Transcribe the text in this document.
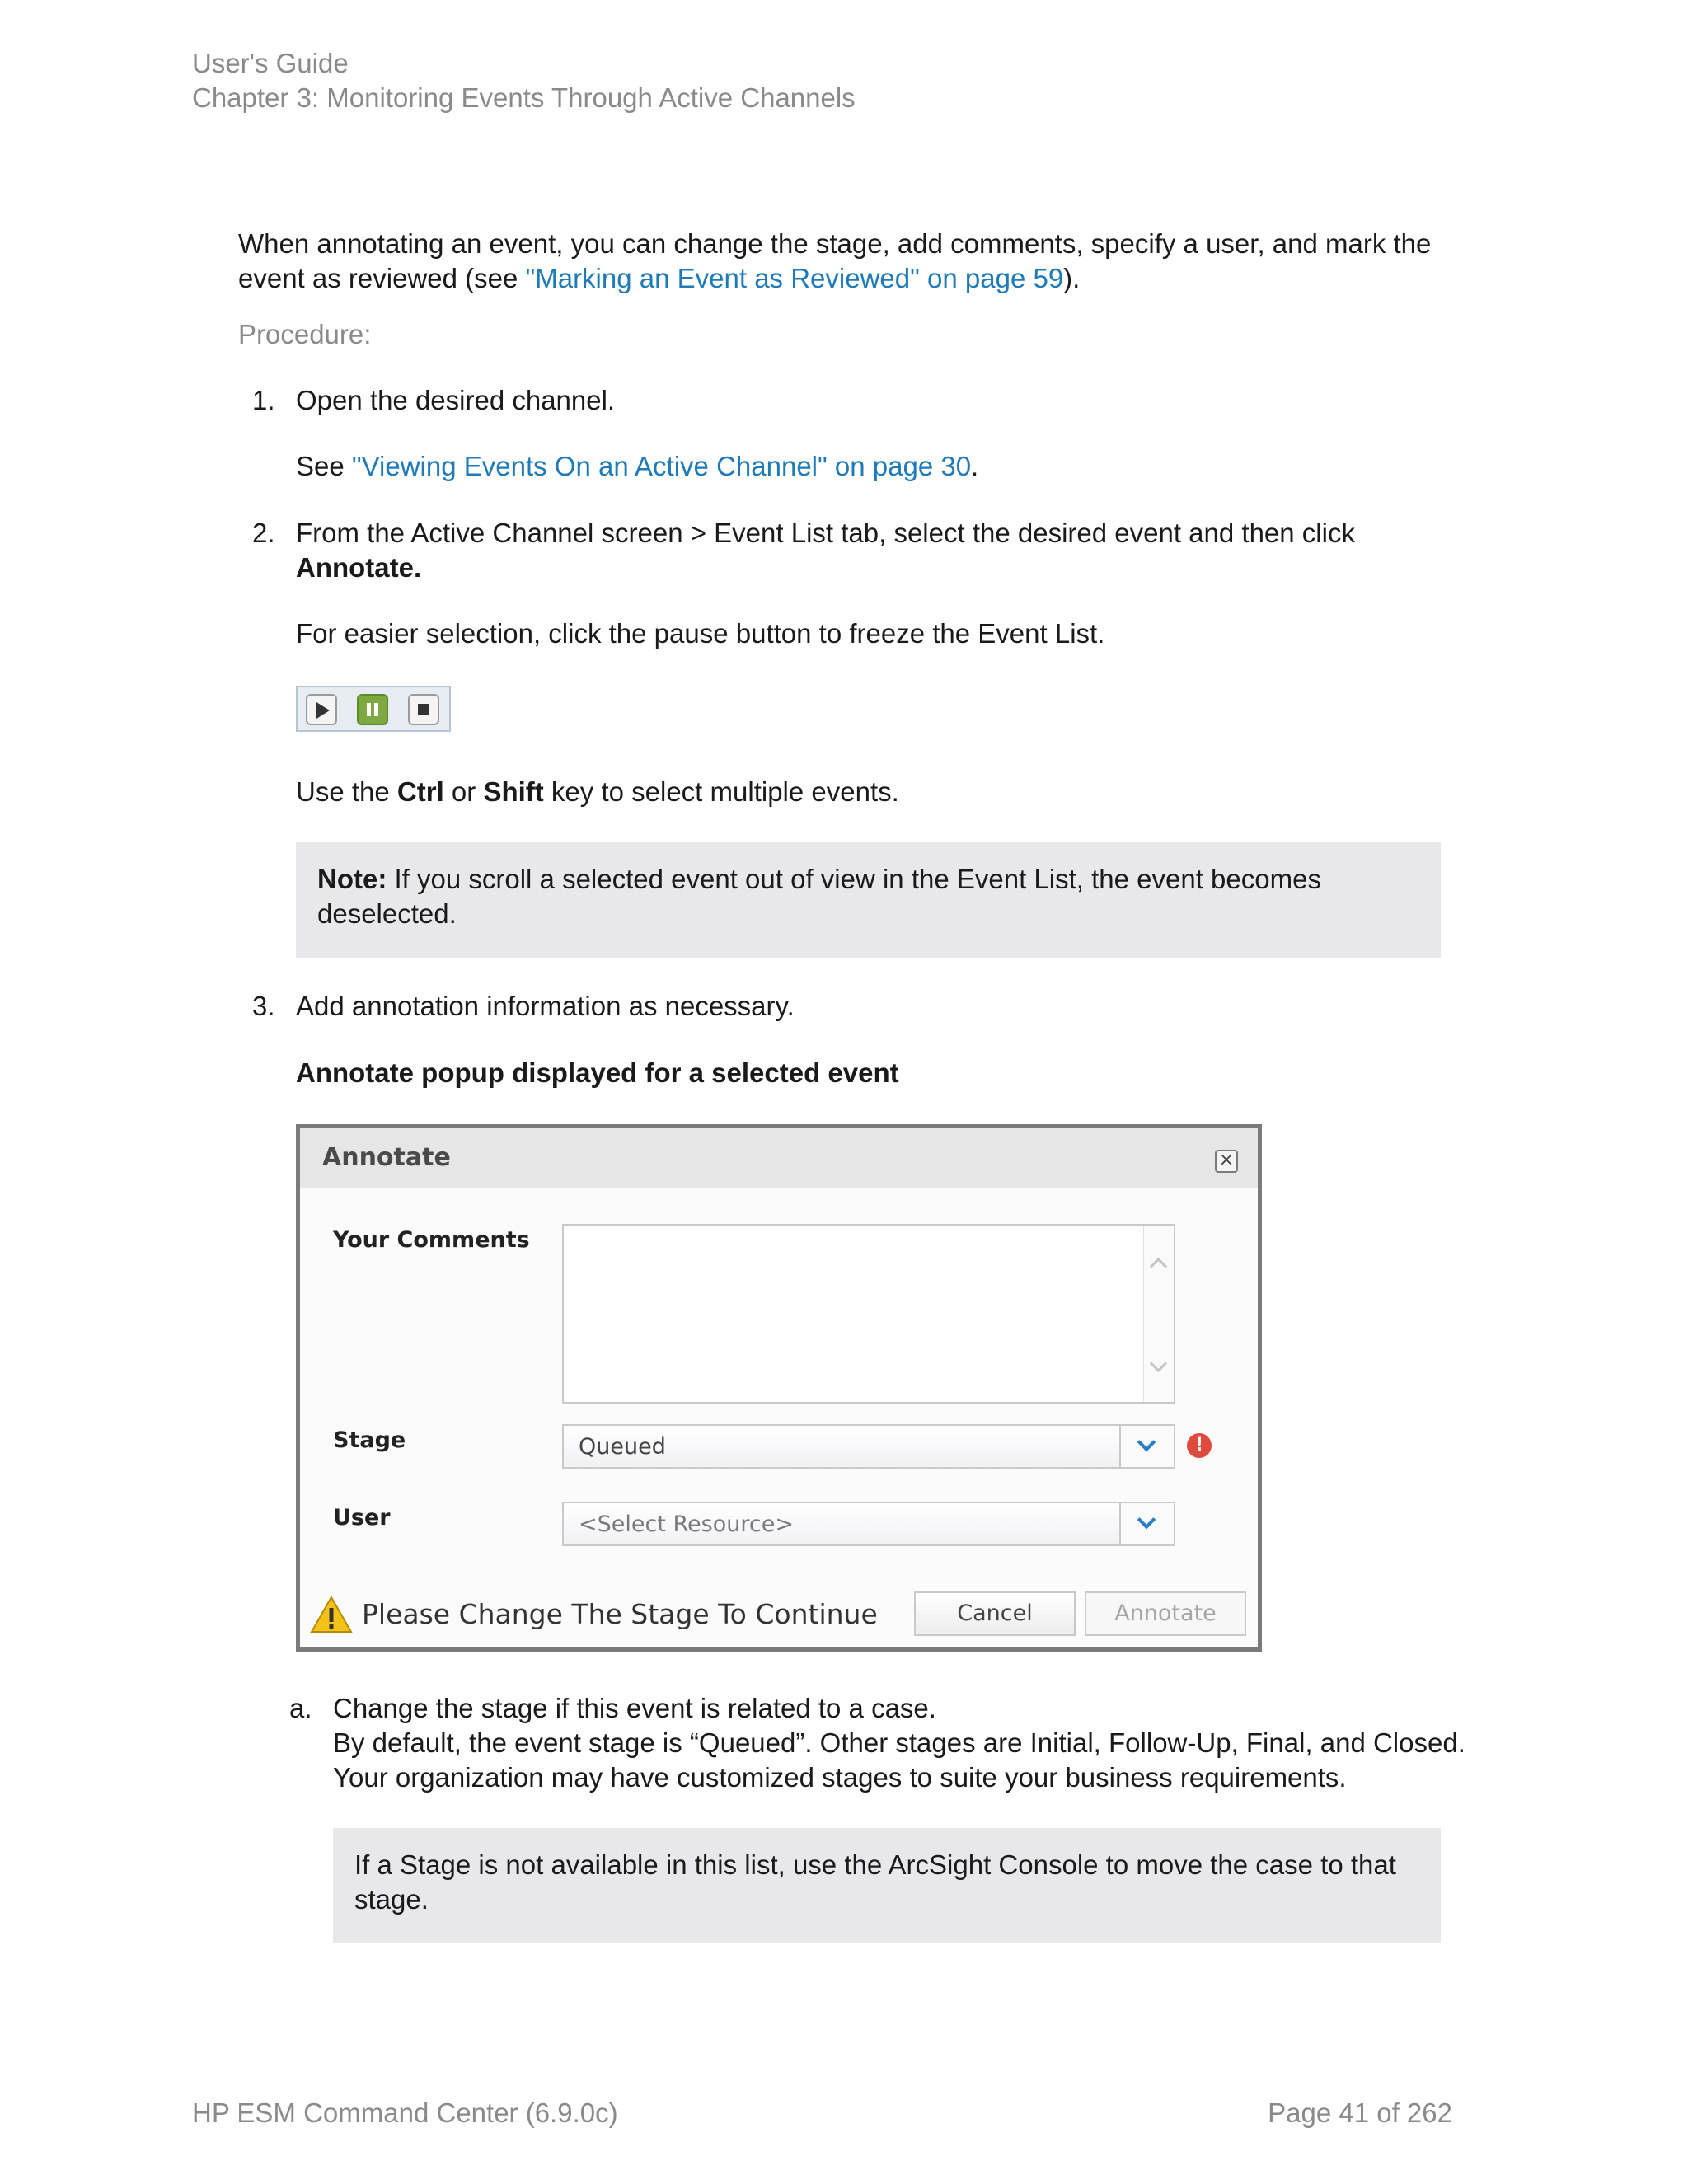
User's Guide
Chapter 3: Monitoring Events Through Active Channels
When annotating an event, you can change the stage, add comments, specify a user, and mark the
event as reviewed (see "Marking an Event as Reviewed" on page 59).
Procedure:
1. Open the desired channel.
See "Viewing Events On an Active Channel" on page 30.
2. From the Active Channel screen > Event List tab, select the desired event and then click
Annotate.
For easier selection, click the pause button to freeze the Event List.
Use the Ctrl or Shift key to select multiple events.
Note: If you scroll a selected event out of view in the Event List, the event becomes
deselected.
3. Add annotation information as necessary.
Annotate popup displayed for a selected event
Annotate	×
Your Comments
Stage	Queued	!
User	<Select Resource>
Please Change The Stage To Continue	Cancel	Annotate
a. Change the stage if this event is related to a case.
By default, the event stage is “Queued”. Other stages are Initial, Follow-Up, Final, and Closed.
Your organization may have customized stages to suite your business requirements.
If a Stage is not available in this list, use the ArcSight Console to move the case to that
stage.
HP ESM Command Center (6.9.0c)	Page 41 of 262
